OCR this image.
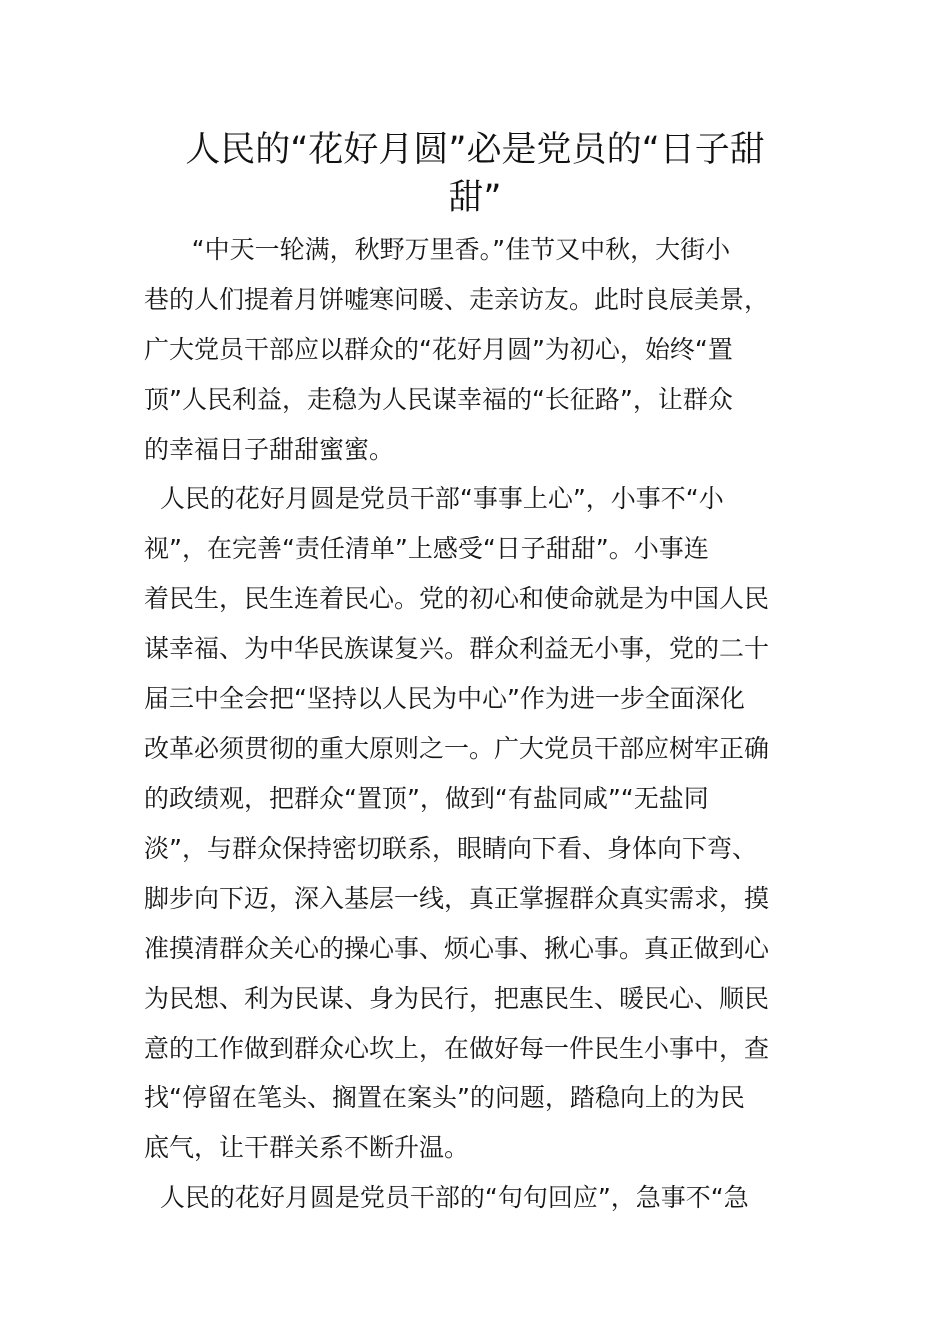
人民的“花好月圆”必是党员的“日子甜
甜”

“中天一轮满，秋野万里香。”佳节又中秋，大街小

巷的人们提着月饼嘘寒问暖、走亲访友。此时良辰美景，

广大党员干部应以群众的“花好月圆”为初心，始终“置

顶”人民利益，走稳为人民谋幸福的“长征路”，让群众

的幸福日子甜甜蜜蜜。

人民的花好月圆是党员干部“事事上心”，小事不“小

视”，在完善“责任清单”上感受“日子甜甜”。小事连

着民生，民生连着民心。党的初心和使命就是为中国人民

谋幸福、为中华民族谋复兴。群众利益无小事，党的二十

届三中全会把“坚持以人民为中心”作为进一步全面深化

改革必须贯彻的重大原则之一。广大党员干部应树牢正确

的政绩观，把群众“置顶”，做到“有盐同咸”“无盐同

淡”，与群众保持密切联系，眼睛向下看、身体向下弯、

脚步向下迈，深入基层一线，真正掌握群众真实需求，摸

准摸清群众关心的操心事、烦心事、揪心事。真正做到心

为民想、利为民谋、身为民行，把惠民生、暖民心、顺民

意的工作做到群众心坎上，在做好每一件民生小事中，查

找“停留在笔头、搁置在案头”的问题，踏稳向上的为民

底气，让干群关系不断升温。

人民的花好月圆是党员干部的“句句回应”，急事不“急
